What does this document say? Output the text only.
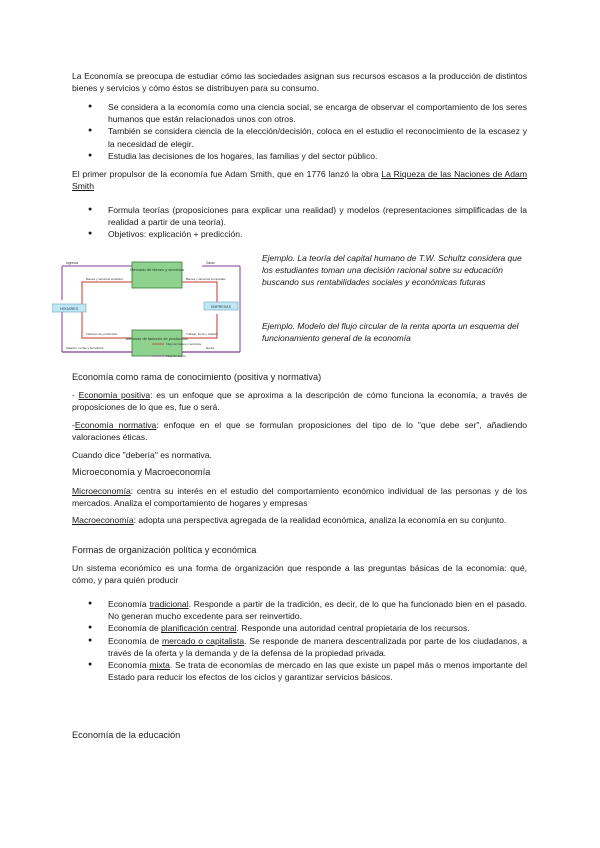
La Economía se preocupa de estudiar cómo las sociedades asignan sus recursos escasos a la producción de distintos bienes y servicios y cómo éstos se distribuyen para su consumo.

● Se considera a la economía como una ciencia social, se encarga de observar el comportamiento de los seres humanos que están relacionados unos con otros.
● También se considera ciencia de la elección/decisión, coloca en el estudio el reconocimiento de la escasez y la necesidad de elegir.
● Estudia las decisiones de los hogares, las familias y del sector público.

El primer propulsor de la economía fue Adam Smith, que en 1776 lanzó la obra La Riqueza de las Naciones de Adam Smith

● Formula teorías (proposiciones para explicar una realidad) y modelos (representaciones simplificadas de la realidad a partir de una teoría).
● Objetivos: explicación + predicción.
Mercado de bienes y servicios
Mercado de factores de producción
HOGARES	EMPRESAS
Ingresos	Gasto
Bienes y servicios vendidos	Bienes y servicios comprados
Factores de producción	Trabajo, tierra y capital
Salarios, rentas y beneficios	Renta
Flujo de bienes y servicios
Flujo de dinero

Ejemplo. La teoría del capital humano de T.W. Schultz considera que los estudiantes toman una decisión racional sobre su educación buscando sus rentabilidades sociales y económicas futuras

Ejemplo. Modelo del flujo circular de la renta aporta un esquema del funcionamiento general de la economía

Economía como rama de conocimiento (positiva y normativa)

- Economía positiva: es un enfoque que se aproxima a la descripción de cómo funciona la economía, a través de proposiciones de lo que es, fue o será.

-Economía normativa: enfoque en el que se formulan proposiciones del tipo de lo "que debe ser", añadiendo valoraciones éticas.

Cuando dice "debería" es normativa.

Microeconomía y Macroeconomía

Microeconomía: centra su interés en el estudio del comportamiento económico individual de las personas y de los mercados. Analiza el comportamiento de hogares y empresas

Macroeconomía: adopta una perspectiva agregada de la realidad económica, analiza la economía en su conjunto.

Formas de organización política y económica

Un sistema económico es una forma de organización que responde a las preguntas básicas de la economía: qué, cómo, y para quién producir

● Economía tradicional. Responde a partir de la tradición, es decir, de lo que ha funcionado bien en el pasado. No generan mucho excedente para ser reinvertido.
● Economía de planificación central. Responde una autoridad central propietaria de los recursos.
● Economía de mercado o capitalista. Se responde de manera descentralizada por parte de los ciudadanos, a través de la oferta y la demanda y de la defensa de la propiedad privada.
● Economía mixta. Se trata de economías de mercado en las que existe un papel más o menos importante del Estado para reducir los efectos de los ciclos y garantizar servicios básicos.
Economía de la educación
